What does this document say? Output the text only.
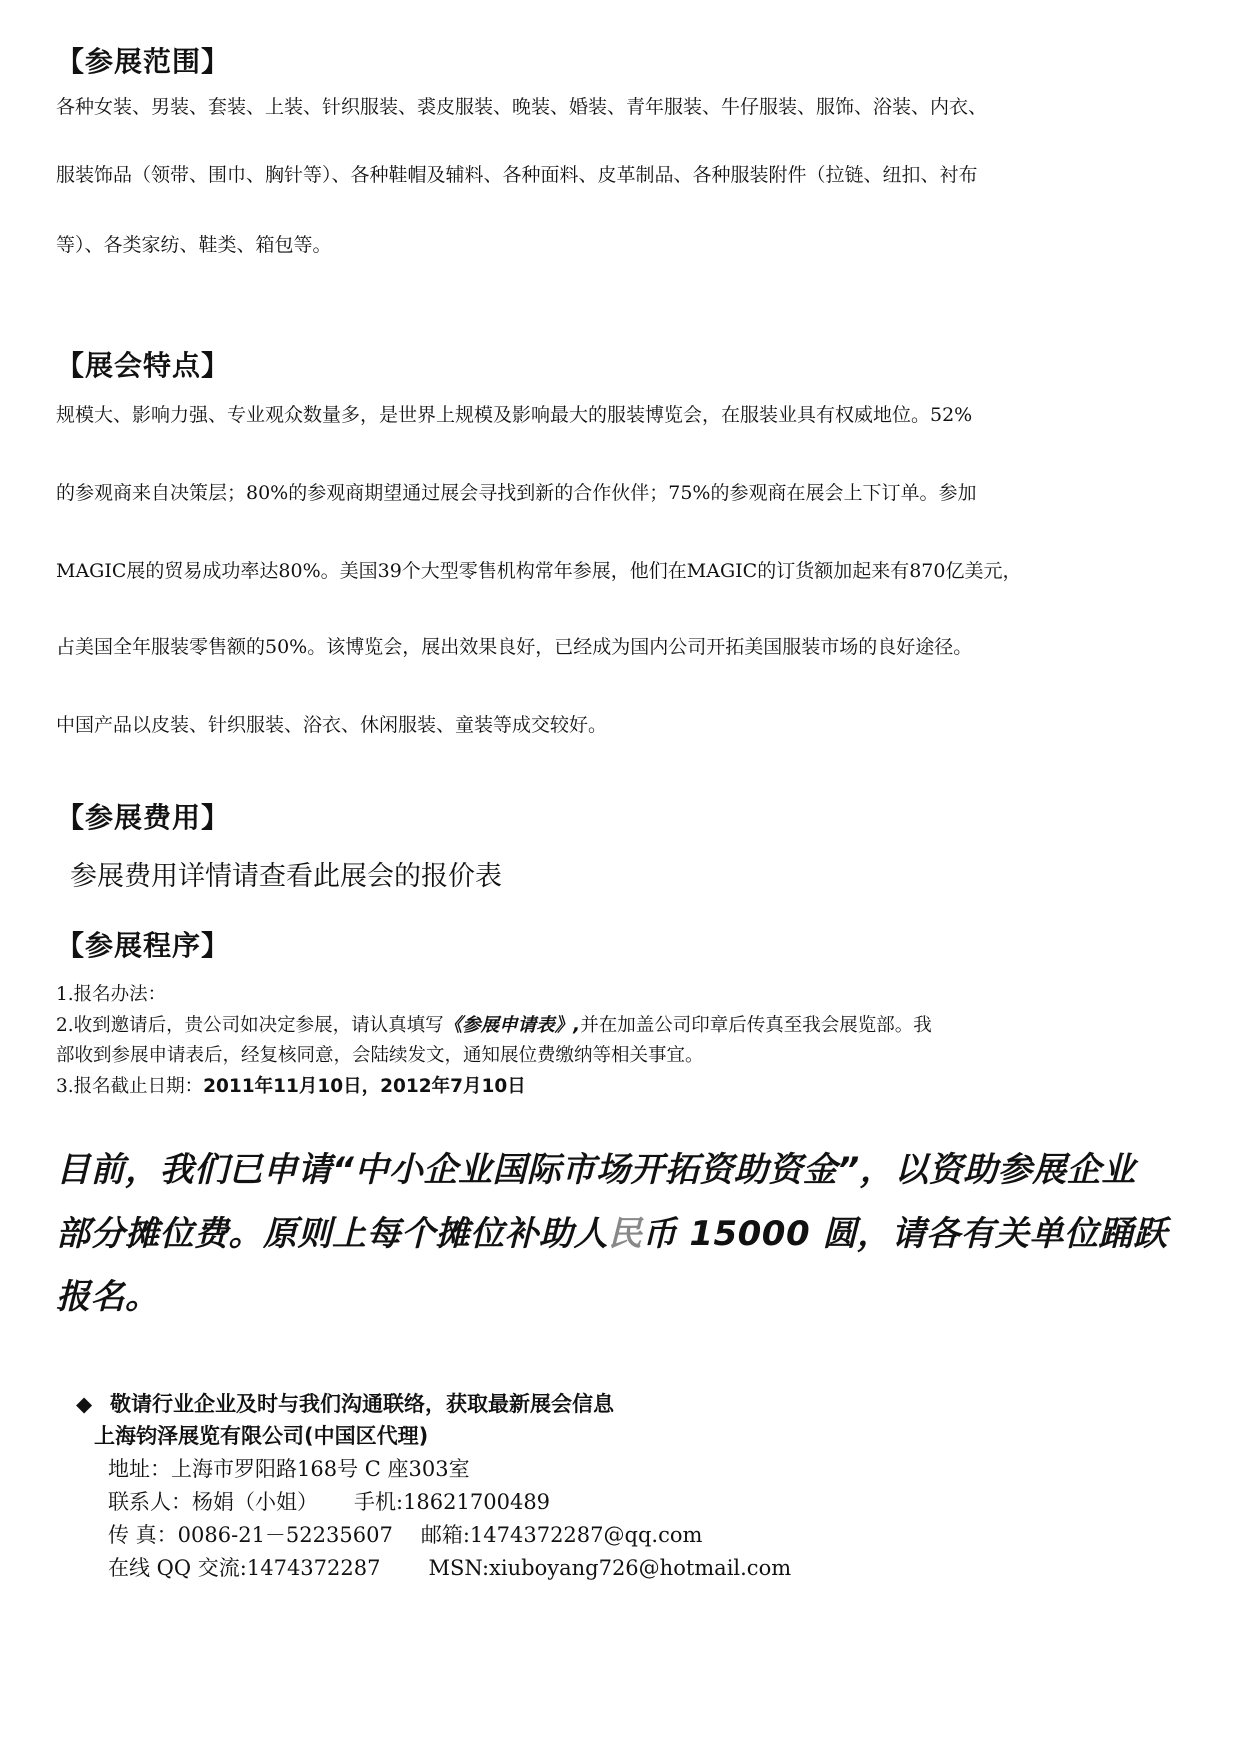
【参展范围】
各种女装、男装、套装、上装、针织服装、裘皮服装、晚装、婚装、青年服装、牛仔服装、服饰、浴装、内衣、
服装饰品（领带、围巾、胸针等）、各种鞋帽及辅料、各种面料、皮革制品、各种服装附件（拉链、纽扣、衬布
等）、各类家纺、鞋类、箱包等。
【展会特点】
规模大、影响力强、专业观众数量多，是世界上规模及影响最大的服装博览会，在服装业具有权威地位。52%
的参观商来自决策层；80%的参观商期望通过展会寻找到新的合作伙伴；75%的参观商在展会上下订单。参加
MAGIC展的贸易成功率达80%。美国39个大型零售机构常年参展，他们在MAGIC的订货额加起来有870亿美元，
占美国全年服装零售额的50%。该博览会，展出效果良好，已经成为国内公司开拓美国服装市场的良好途径。
中国产品以皮装、针织服装、浴衣、休闲服装、童装等成交较好。
【参展费用】
参展费用详情请查看此展会的报价表
【参展程序】
1.报名办法：
2.收到邀请后，贵公司如决定参展，请认真填写《参展申请表》,并在加盖公司印章后传真至我会展览部。我
部收到参展申请表后，经复核同意，会陆续发文，通知展位费缴纳等相关事宜。
3.报名截止日期：2011年11月10日，2012年7月10日
目前，我们已申请“中小企业国际市场开拓资助资金”，以资助参展企业
部分摊位费。原则上每个摊位补助人民币 15000 圆，请各有关单位踊跃
报名。
◆ 敬请行业企业及时与我们沟通联络，获取最新展会信息
上海钧泽展览有限公司(中国区代理)
地址：上海市罗阳路168号 C 座303室
联系人：杨娟（小姐） 手机:18621700489
传 真：0086-21－52235607 邮箱:1474372287@qq.com
在线 QQ 交流:1474372287 MSN:xiuboyang726@hotmail.com
